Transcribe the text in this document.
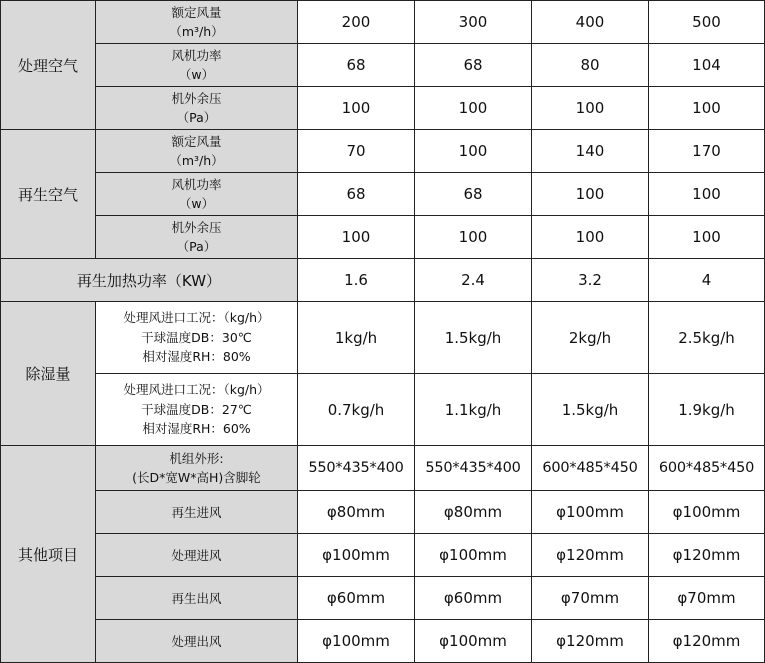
处理空气	额定风量
（m³/h）	200	300	400	500

	风机功率
（w）	68	68	80	104

	机外余压
（Pa）	100	100	100	100
再生空气	额定风量
（m³/h）	70	100	140	170

	风机功率
（w）	68	68	100	100

	机外余压
（Pa）	100	100	100	100
再生加热功率（KW）		1.6	2.4	3.2	4
除湿量	处理风进口工况：（kg/h）
干球温度DB：30℃
相对湿度RH：80%	1kg/h	1.5kg/h	2kg/h	2.5kg/h

	处理风进口工况：（kg/h）
干球温度DB：27℃
相对湿度RH：60%	0.7kg/h	1.1kg/h	1.5kg/h	1.9kg/h
其他项目	机组外形:
(长D*宽W*高H)含脚轮	550*435*400	550*435*400	600*485*450	600*485*450
	再生进风	φ80mm	φ80mm	φ100mm	φ100mm
	处理进风	φ100mm	φ100mm	φ120mm	φ120mm
	再生出风	φ60mm	φ60mm	φ70mm	φ70mm
	处理出风	φ100mm	φ100mm	φ120mm	φ120mm
